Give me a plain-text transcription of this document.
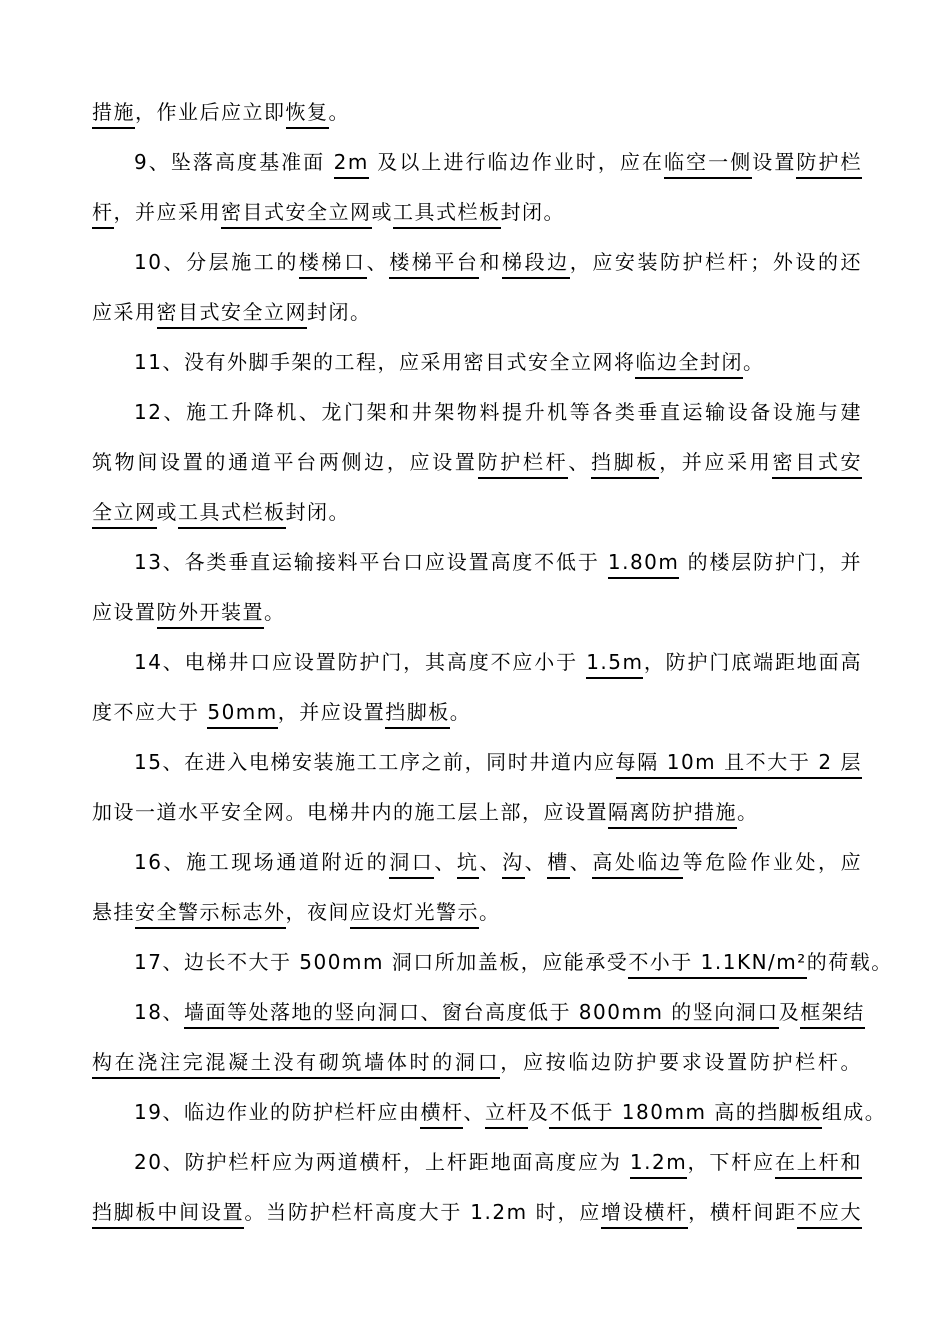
措施，作业后应立即恢复。
9、坠落高度基准面 2m 及以上进行临边作业时，应在临空一侧设置防护栏
杆，并应采用密目式安全立网或工具式栏板封闭。
10、分层施工的楼梯口、楼梯平台和梯段边，应安装防护栏杆；外设的还
应采用密目式安全立网封闭。
11、没有外脚手架的工程，应采用密目式安全立网将临边全封闭。
12、施工升降机、龙门架和井架物料提升机等各类垂直运输设备设施与建
筑物间设置的通道平台两侧边，应设置防护栏杆、挡脚板，并应采用密目式安
全立网或工具式栏板封闭。
13、各类垂直运输接料平台口应设置高度不低于 1.80m 的楼层防护门，并
应设置防外开装置。
14、电梯井口应设置防护门，其高度不应小于 1.5m，防护门底端距地面高
度不应大于 50mm，并应设置挡脚板。
15、在进入电梯安装施工工序之前，同时井道内应每隔 10m 且不大于 2 层
加设一道水平安全网。电梯井内的施工层上部，应设置隔离防护措施。
16、施工现场通道附近的洞口、坑、沟、槽、高处临边等危险作业处，应
悬挂安全警示标志外，夜间应设灯光警示。
17、边长不大于 500mm 洞口所加盖板，应能承受不小于 1.1KN/m²的荷载。
18、墙面等处落地的竖向洞口、窗台高度低于 800mm 的竖向洞口及框架结
构在浇注完混凝土没有砌筑墙体时的洞口，应按临边防护要求设置防护栏杆。
19、临边作业的防护栏杆应由横杆、立杆及不低于 180mm 高的挡脚板组成。
20、防护栏杆应为两道横杆，上杆距地面高度应为 1.2m，下杆应在上杆和
挡脚板中间设置。当防护栏杆高度大于 1.2m 时，应增设横杆，横杆间距不应大
